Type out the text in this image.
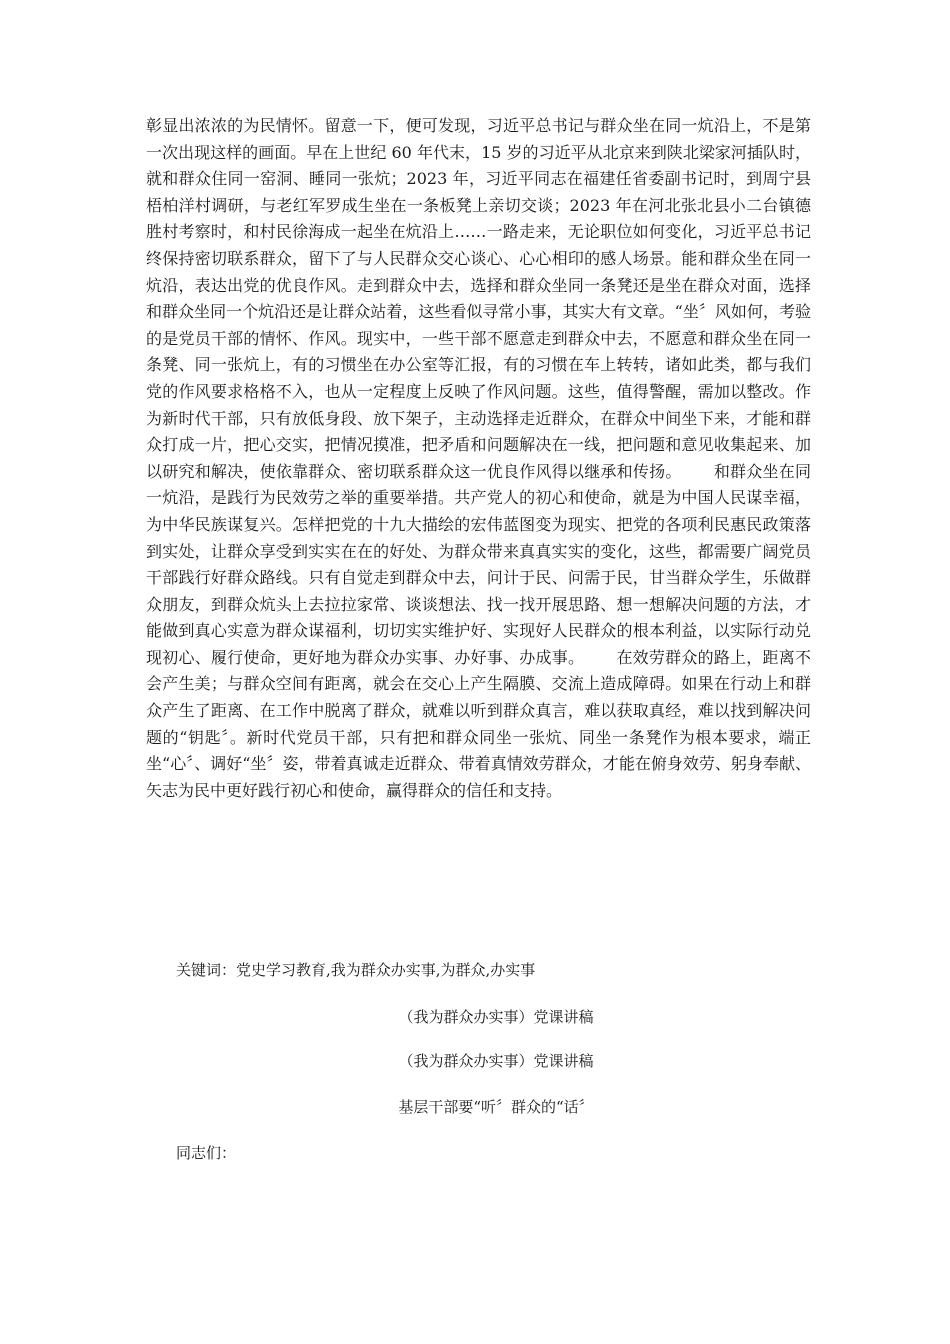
彰显出浓浓的为民情怀。留意一下，便可发现，习近平总书记与群众坐在同一炕沿上，不是第一次出现这样的画面。早在上世纪 60 年代末，15 岁的习近平从北京来到陕北梁家河插队时，就和群众住同一窑洞、睡同一张炕；2023 年，习近平同志在福建任省委副书记时，到周宁县梧柏洋村调研，与老红军罗成生坐在一条板凳上亲切交谈；2023 年在河北张北县小二台镇德胜村考察时，和村民徐海成一起坐在炕沿上……一路走来，无论职位如何变化，习近平总书记终保持密切联系群众，留下了与人民群众交心谈心、心心相印的感人场景。能和群众坐在同一炕沿，表达出党的优良作风。走到群众中去，选择和群众坐同一条凳还是坐在群众对面，选择和群众坐同一个炕沿还是让群众站着，这些看似寻常小事，其实大有文章。“坐〞风如何，考验的是党员干部的情怀、作风。现实中，一些干部不愿意走到群众中去，不愿意和群众坐在同一条凳、同一张炕上，有的习惯坐在办公室等汇报，有的习惯在车上转转，诸如此类，都与我们党的作风要求格格不入，也从一定程度上反映了作风问题。这些，值得警醒，需加以整改。作为新时代干部，只有放低身段、放下架子，主动选择走近群众，在群众中间坐下来，才能和群众打成一片，把心交实，把情况摸准，把矛盾和问题解决在一线，把问题和意见收集起来、加以研究和解决，使依靠群众、密切联系群众这一优良作风得以继承和传扬。 和群众坐在同一炕沿，是践行为民效劳之举的重要举措。共产党人的初心和使命，就是为中国人民谋幸福，为中华民族谋复兴。怎样把党的十九大描绘的宏伟蓝图变为现实、把党的各项利民惠民政策落到实处，让群众享受到实实在在的好处、为群众带来真真实实的变化，这些，都需要广阔党员干部践行好群众路线。只有自觉走到群众中去，问计于民、问需于民，甘当群众学生，乐做群众朋友，到群众炕头上去拉拉家常、谈谈想法、找一找开展思路、想一想解决问题的方法，才能做到真心实意为群众谋福利，切切实实维护好、实现好人民群众的根本利益，以实际行动兑现初心、履行使命，更好地为群众办实事、办好事、办成事。 在效劳群众的路上，距离不会产生美；与群众空间有距离，就会在交心上产生隔膜、交流上造成障碍。如果在行动上和群众产生了距离、在工作中脱离了群众，就难以听到群众真言，难以获取真经，难以找到解决问题的“钥匙〞。新时代党员干部，只有把和群众同坐一张炕、同坐一条凳作为根本要求，端正坐“心〞、调好“坐〞姿，带着真诚走近群众、带着真情效劳群众，才能在俯身效劳、躬身奉献、矢志为民中更好践行初心和使命，赢得群众的信任和支持。

关键词：党史学习教育,我为群众办实事,为群众,办实事

（我为群众办实事）党课讲稿

（我为群众办实事）党课讲稿

基层干部要“听〞群众的“话〞

同志们：
